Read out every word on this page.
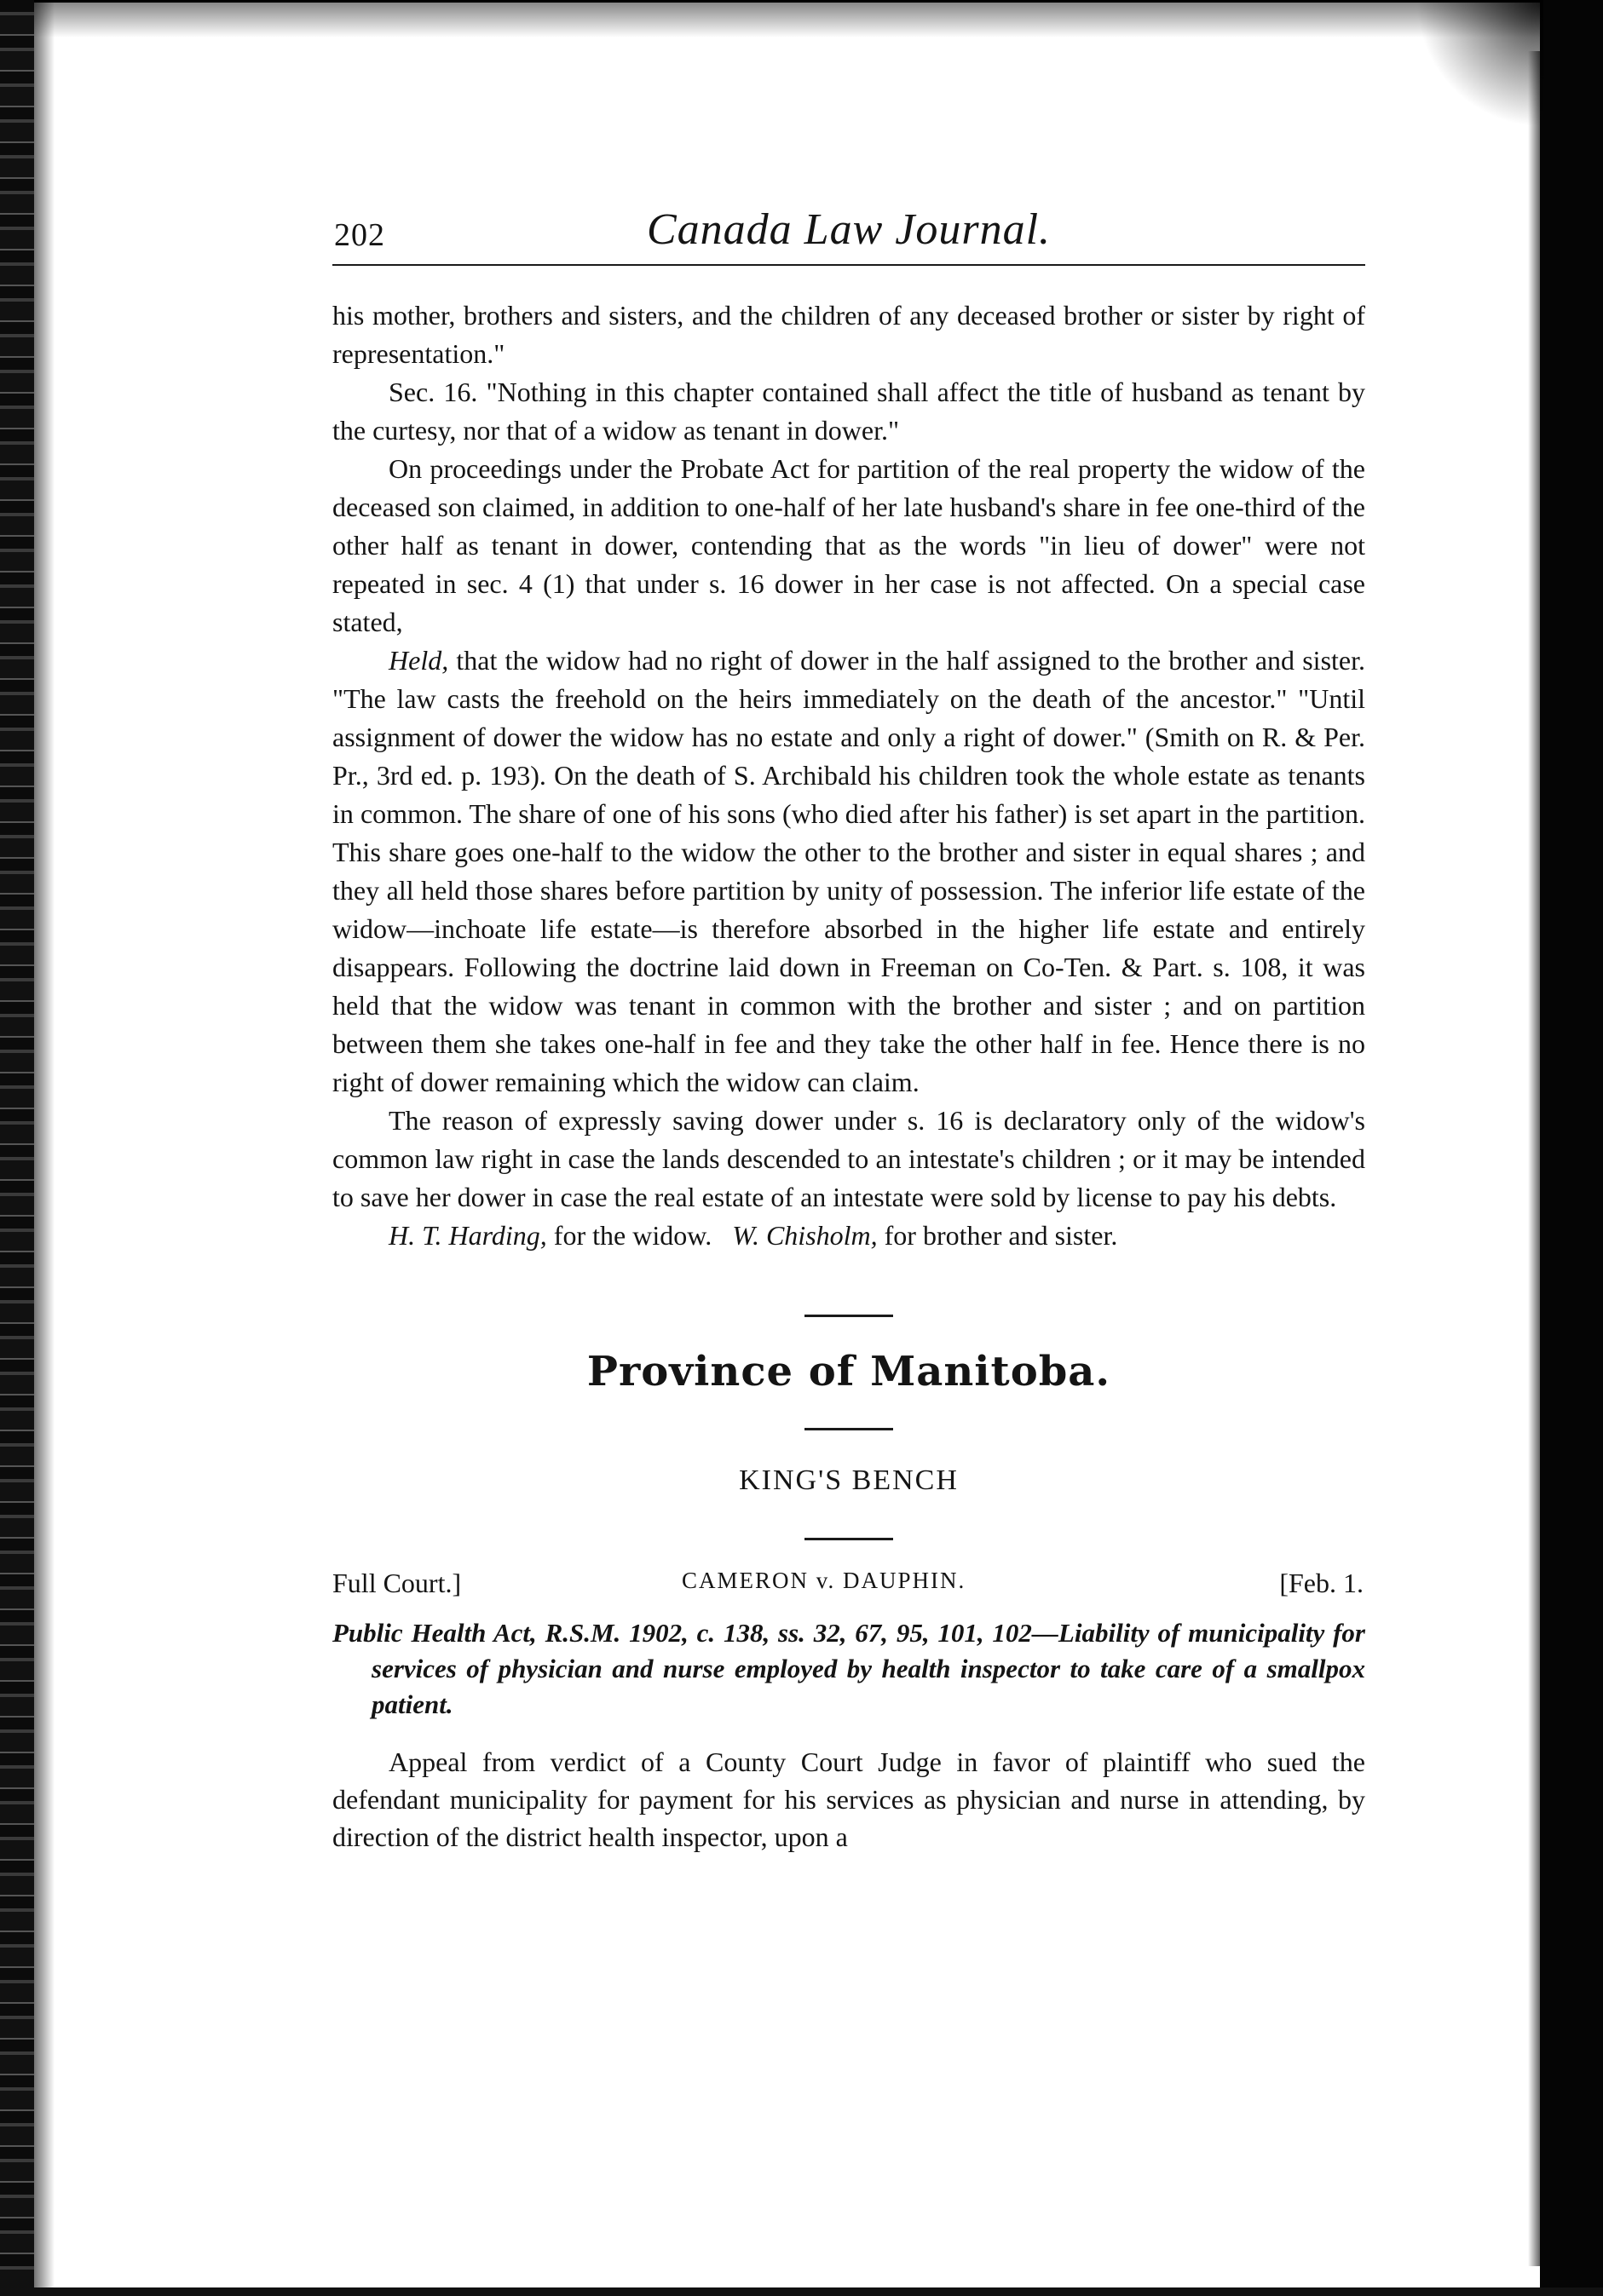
202	Canada Law Journal.

his mother, brothers and sisters, and the children of any deceased brother or sister by right of representation."

Sec. 16. "Nothing in this chapter contained shall affect the title of husband as tenant by the curtesy, nor that of a widow as tenant in dower."

On proceedings under the Probate Act for partition of the real property the widow of the deceased son claimed, in addition to one-half of her late husband's share in fee one-third of the other half as tenant in dower, contending that as the words "in lieu of dower" were not repeated in sec. 4 (1) that under s. 16 dower in her case is not affected. On a special case stated,

Held, that the widow had no right of dower in the half assigned to the brother and sister. "The law casts the freehold on the heirs immediately on the death of the ancestor." "Until assignment of dower the widow has no estate and only a right of dower." (Smith on R. & Per. Pr., 3rd ed. p. 193). On the death of S. Archibald his children took the whole estate as tenants in common. The share of one of his sons (who died after his father) is set apart in the partition. This share goes one-half to the widow the other to the brother and sister in equal shares ; and they all held those shares before partition by unity of possession. The inferior life estate of the widow—inchoate life estate—is therefore absorbed in the higher life estate and entirely disappears. Following the doctrine laid down in Freeman on Co-Ten. & Part. s. 108, it was held that the widow was tenant in common with the brother and sister ; and on partition between them she takes one-half in fee and they take the other half in fee. Hence there is no right of dower remaining which the widow can claim.

The reason of expressly saving dower under s. 16 is declaratory only of the widow's common law right in case the lands descended to an intestate's children ; or it may be intended to save her dower in case the real estate of an intestate were sold by license to pay his debts.

H. T. Harding, for the widow. W. Chisholm, for brother and sister.

Province of Manitoba.
KING'S BENCH
Full Court.]	CAMERON v. DAUPHIN.	[Feb. 1.
Public Health Act, R.S.M. 1902, c. 138, ss. 32, 67, 95, 101, 102—Liability of municipality for services of physician and nurse employed by health inspector to take care of a smallpox patient.
Appeal from verdict of a County Court Judge in favor of plaintiff who sued the defendant municipality for payment for his services as physician and nurse in attending, by direction of the district health inspector, upon a
